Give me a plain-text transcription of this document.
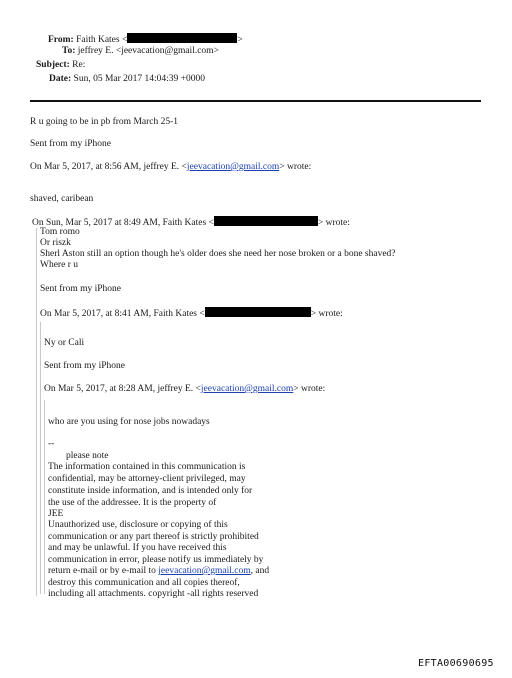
From: Faith Kates <	>
To: jeffrey E. <jeevacation@gmail.com>
Subject: Re:
Date: Sun, 05 Mar 2017 14:04:39 +0000
R u going to be in pb from March 25-1
Sent from my iPhone
On Mar 5, 2017, at 8:56 AM, jeffrey E. <jeevacation@gmail.com> wrote:
shaved, caribean
On Sun, Mar 5, 2017 at 8:49 AM, Faith Kates <	> wrote:
Tom romo
Or riszk
Sherl Aston still an option though he's older does she need her nose broken or a bone shaved?
Where r u
Sent from my iPhone
On Mar 5, 2017, at 8:41 AM, Faith Kates <	> wrote:
Ny or Cali
Sent from my iPhone
On Mar 5, 2017, at 8:28 AM, jeffrey E. <jeevacation@gmail.com> wrote:
who are you using for nose jobs nowadays
--
please note
The information contained in this communication is
confidential, may be attorney-client privileged, may
constitute inside information, and is intended only for
the use of the addressee. It is the property of
JEE
Unauthorized use, disclosure or copying of this
communication or any part thereof is strictly prohibited
and may be unlawful. If you have received this
communication in error, please notify us immediately by
return e-mail or by e-mail to jeevacation@gmail.com, and
destroy this communication and all copies thereof,
including all attachments. copyright -all rights reserved
EFTA00690695
